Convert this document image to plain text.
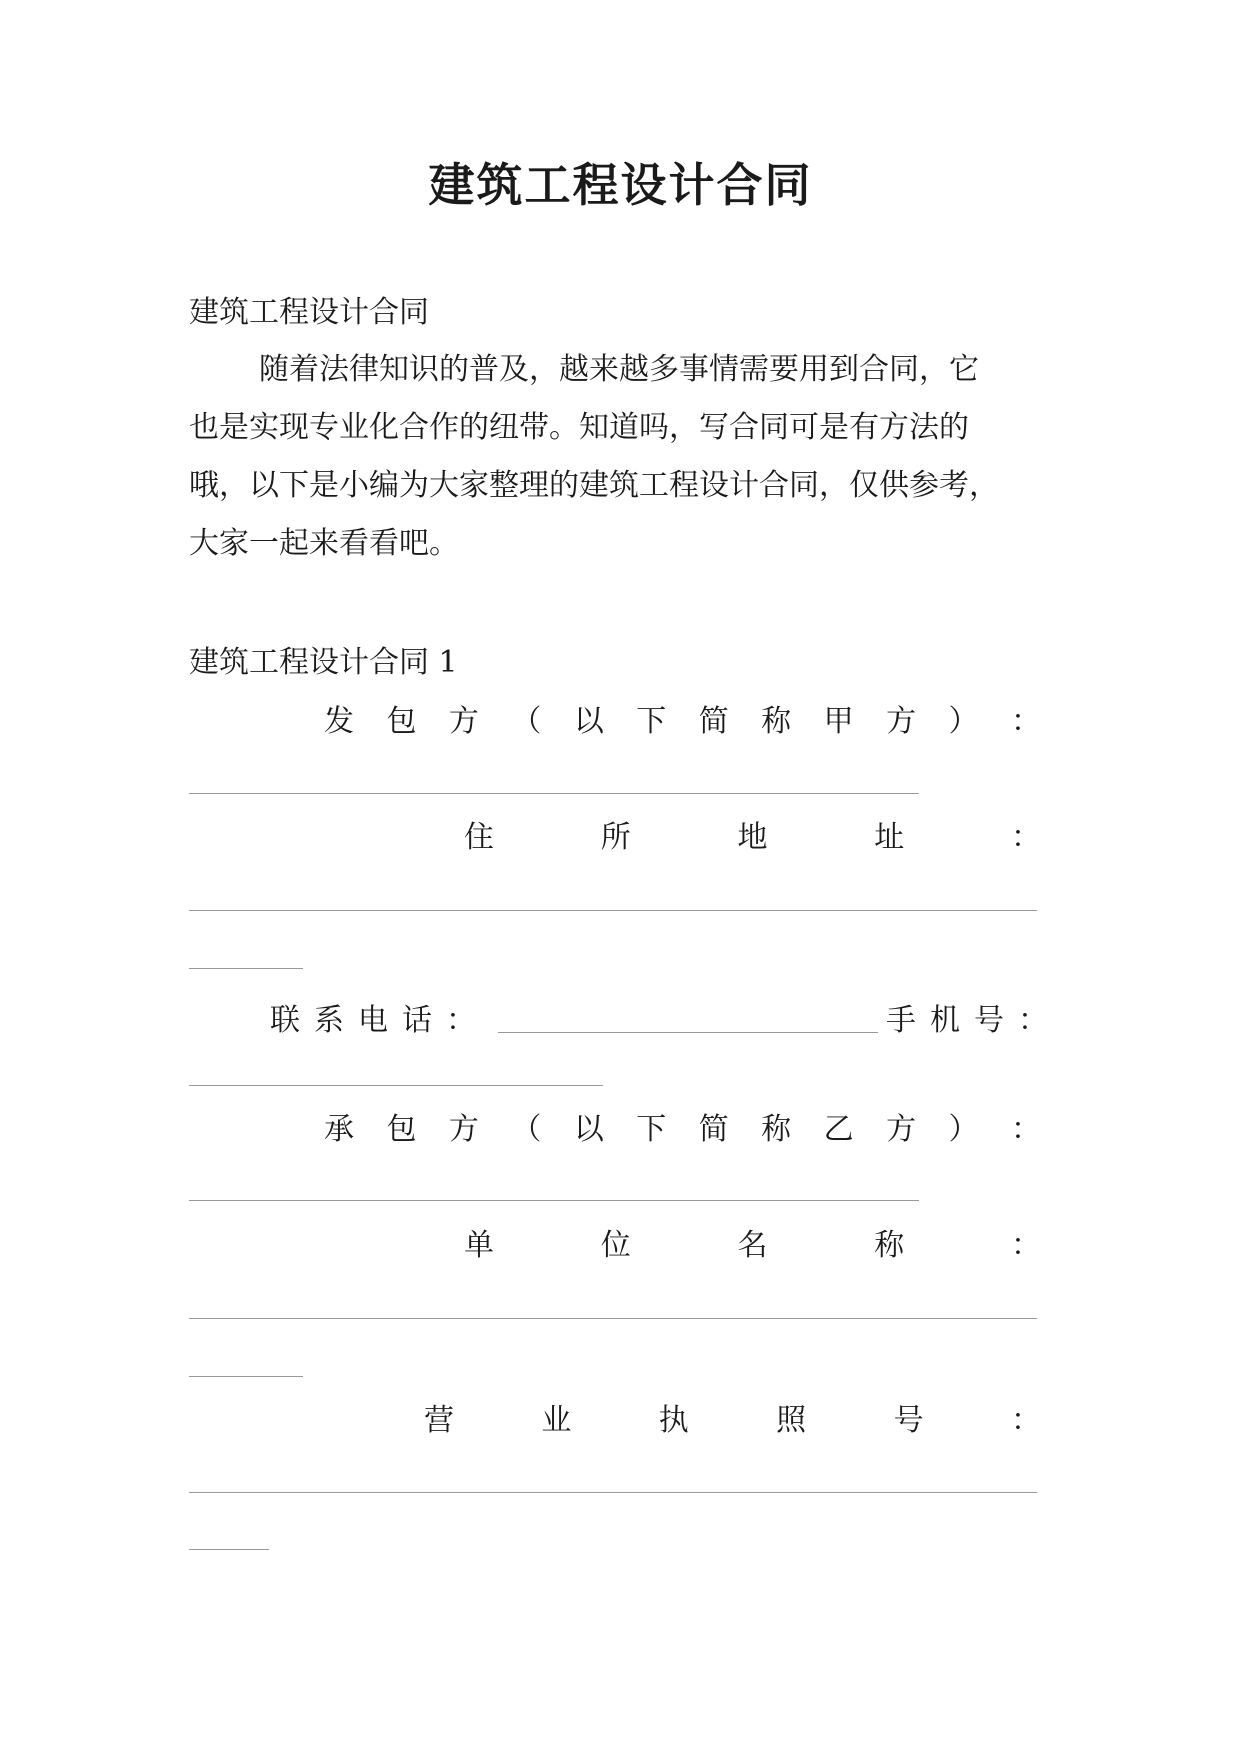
建筑工程设计合同
建筑工程设计合同
随着法律知识的普及，越来越多事情需要用到合同，它
也是实现专业化合作的纽带。知道吗，写合同可是有方法的
哦，以下是小编为大家整理的建筑工程设计合同，仅供参考，
大家一起来看看吧。
建筑工程设计合同 1
发 包 方 （ 以 下 简 称 甲 方 ） ：
住	所	地	址	：
联系电话：	手机号：
承 包 方 （ 以 下 简 称 乙 方 ） ：
单	位	名	称	：
营	业	执	照	号	：
